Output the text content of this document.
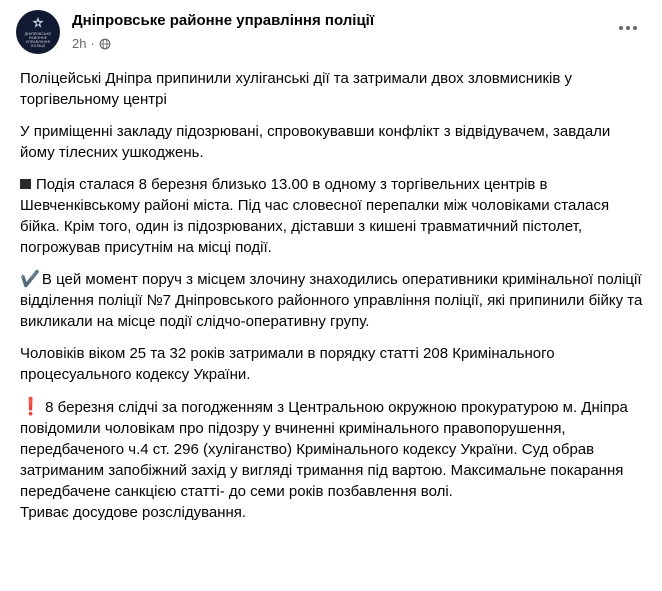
ДНІПРОВСЬКЕ РАЙОННЕ УПРАВЛІННЯ ПОЛІЦІЇ
Дніпровське районне управління поліції
2h ·

Поліцейські Дніпра припинили хуліганські дії та затримали двох зловмисників у торгівельному центрі

У приміщенні закладу підозрювані, спровокувавши конфлікт з відвідувачем, завдали йому тілесних ушкоджень.

Подія сталася 8 березня близько 13.00 в одному з торгівельних центрів в Шевченківському районі міста. Під час словесної перепалки між чоловіками сталася бійка. Крім того, один із підозрюваних, діставши з кишені травматичний пістолет, погрожував присутнім на місці події.

✔️ В цей момент поруч з місцем злочину знаходились оперативники кримінальної поліції відділення поліції №7 Дніпровського районного управління поліції, які припинили бійку та викликали на місце події слідчо-оперативну групу.

Чоловіків віком 25 та 32 років затримали в порядку статті 208 Кримінального процесуального кодексу України.

❗ 8 березня слідчі за погодженням з Центральною окружною прокуратурою м. Дніпра повідомили чоловікам про підозру у вчиненні кримінального правопорушення, передбаченого ч.4 ст. 296 (хуліганство) Кримінального кодексу України. Суд обрав затриманим запобіжний захід у вигляді тримання під вартою. Максимальне покарання передбачене санкцією статті- до семи років позбавлення волі.

Триває досудове розслідування.
